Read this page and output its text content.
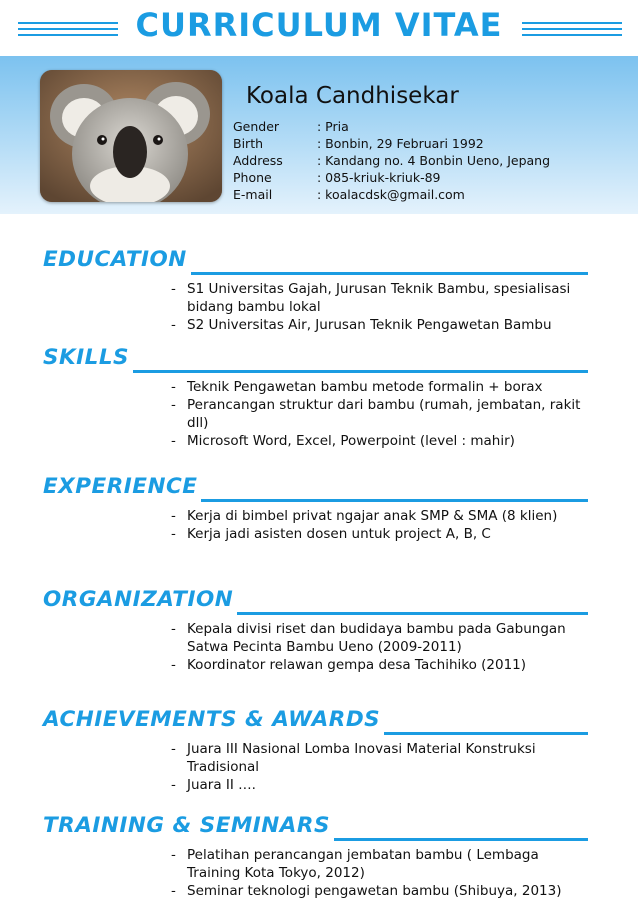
CURRICULUM VITAE
Koala Candhisekar
Gender	: Pria
Birth	: Bonbin, 29 Februari 1992
Address	: Kandang no. 4 Bonbin Ueno, Jepang
Phone	: 085-kriuk-kriuk-89
E-mail	: koalacdsk@gmail.com
EDUCATION
- S1 Universitas Gajah, Jurusan Teknik Bambu, spesialisasi bidang bambu lokal
- S2 Universitas Air, Jurusan Teknik Pengawetan Bambu
SKILLS
- Teknik Pengawetan bambu metode formalin + borax
- Perancangan struktur dari bambu (rumah, jembatan, rakit dll)
- Microsoft Word, Excel, Powerpoint (level : mahir)
EXPERIENCE
- Kerja di bimbel privat ngajar anak SMP & SMA (8 klien)
- Kerja jadi asisten dosen untuk project A, B, C
ORGANIZATION
- Kepala divisi riset dan budidaya bambu pada Gabungan Satwa Pecinta Bambu Ueno (2009-2011)
- Koordinator relawan gempa desa Tachihiko (2011)
ACHIEVEMENTS & AWARDS
- Juara III Nasional Lomba Inovasi Material Konstruksi Tradisional
- Juara II ….
TRAINING & SEMINARS
- Pelatihan perancangan jembatan bambu ( Lembaga Training Kota Tokyo, 2012)
- Seminar teknologi pengawetan bambu (Shibuya, 2013)
